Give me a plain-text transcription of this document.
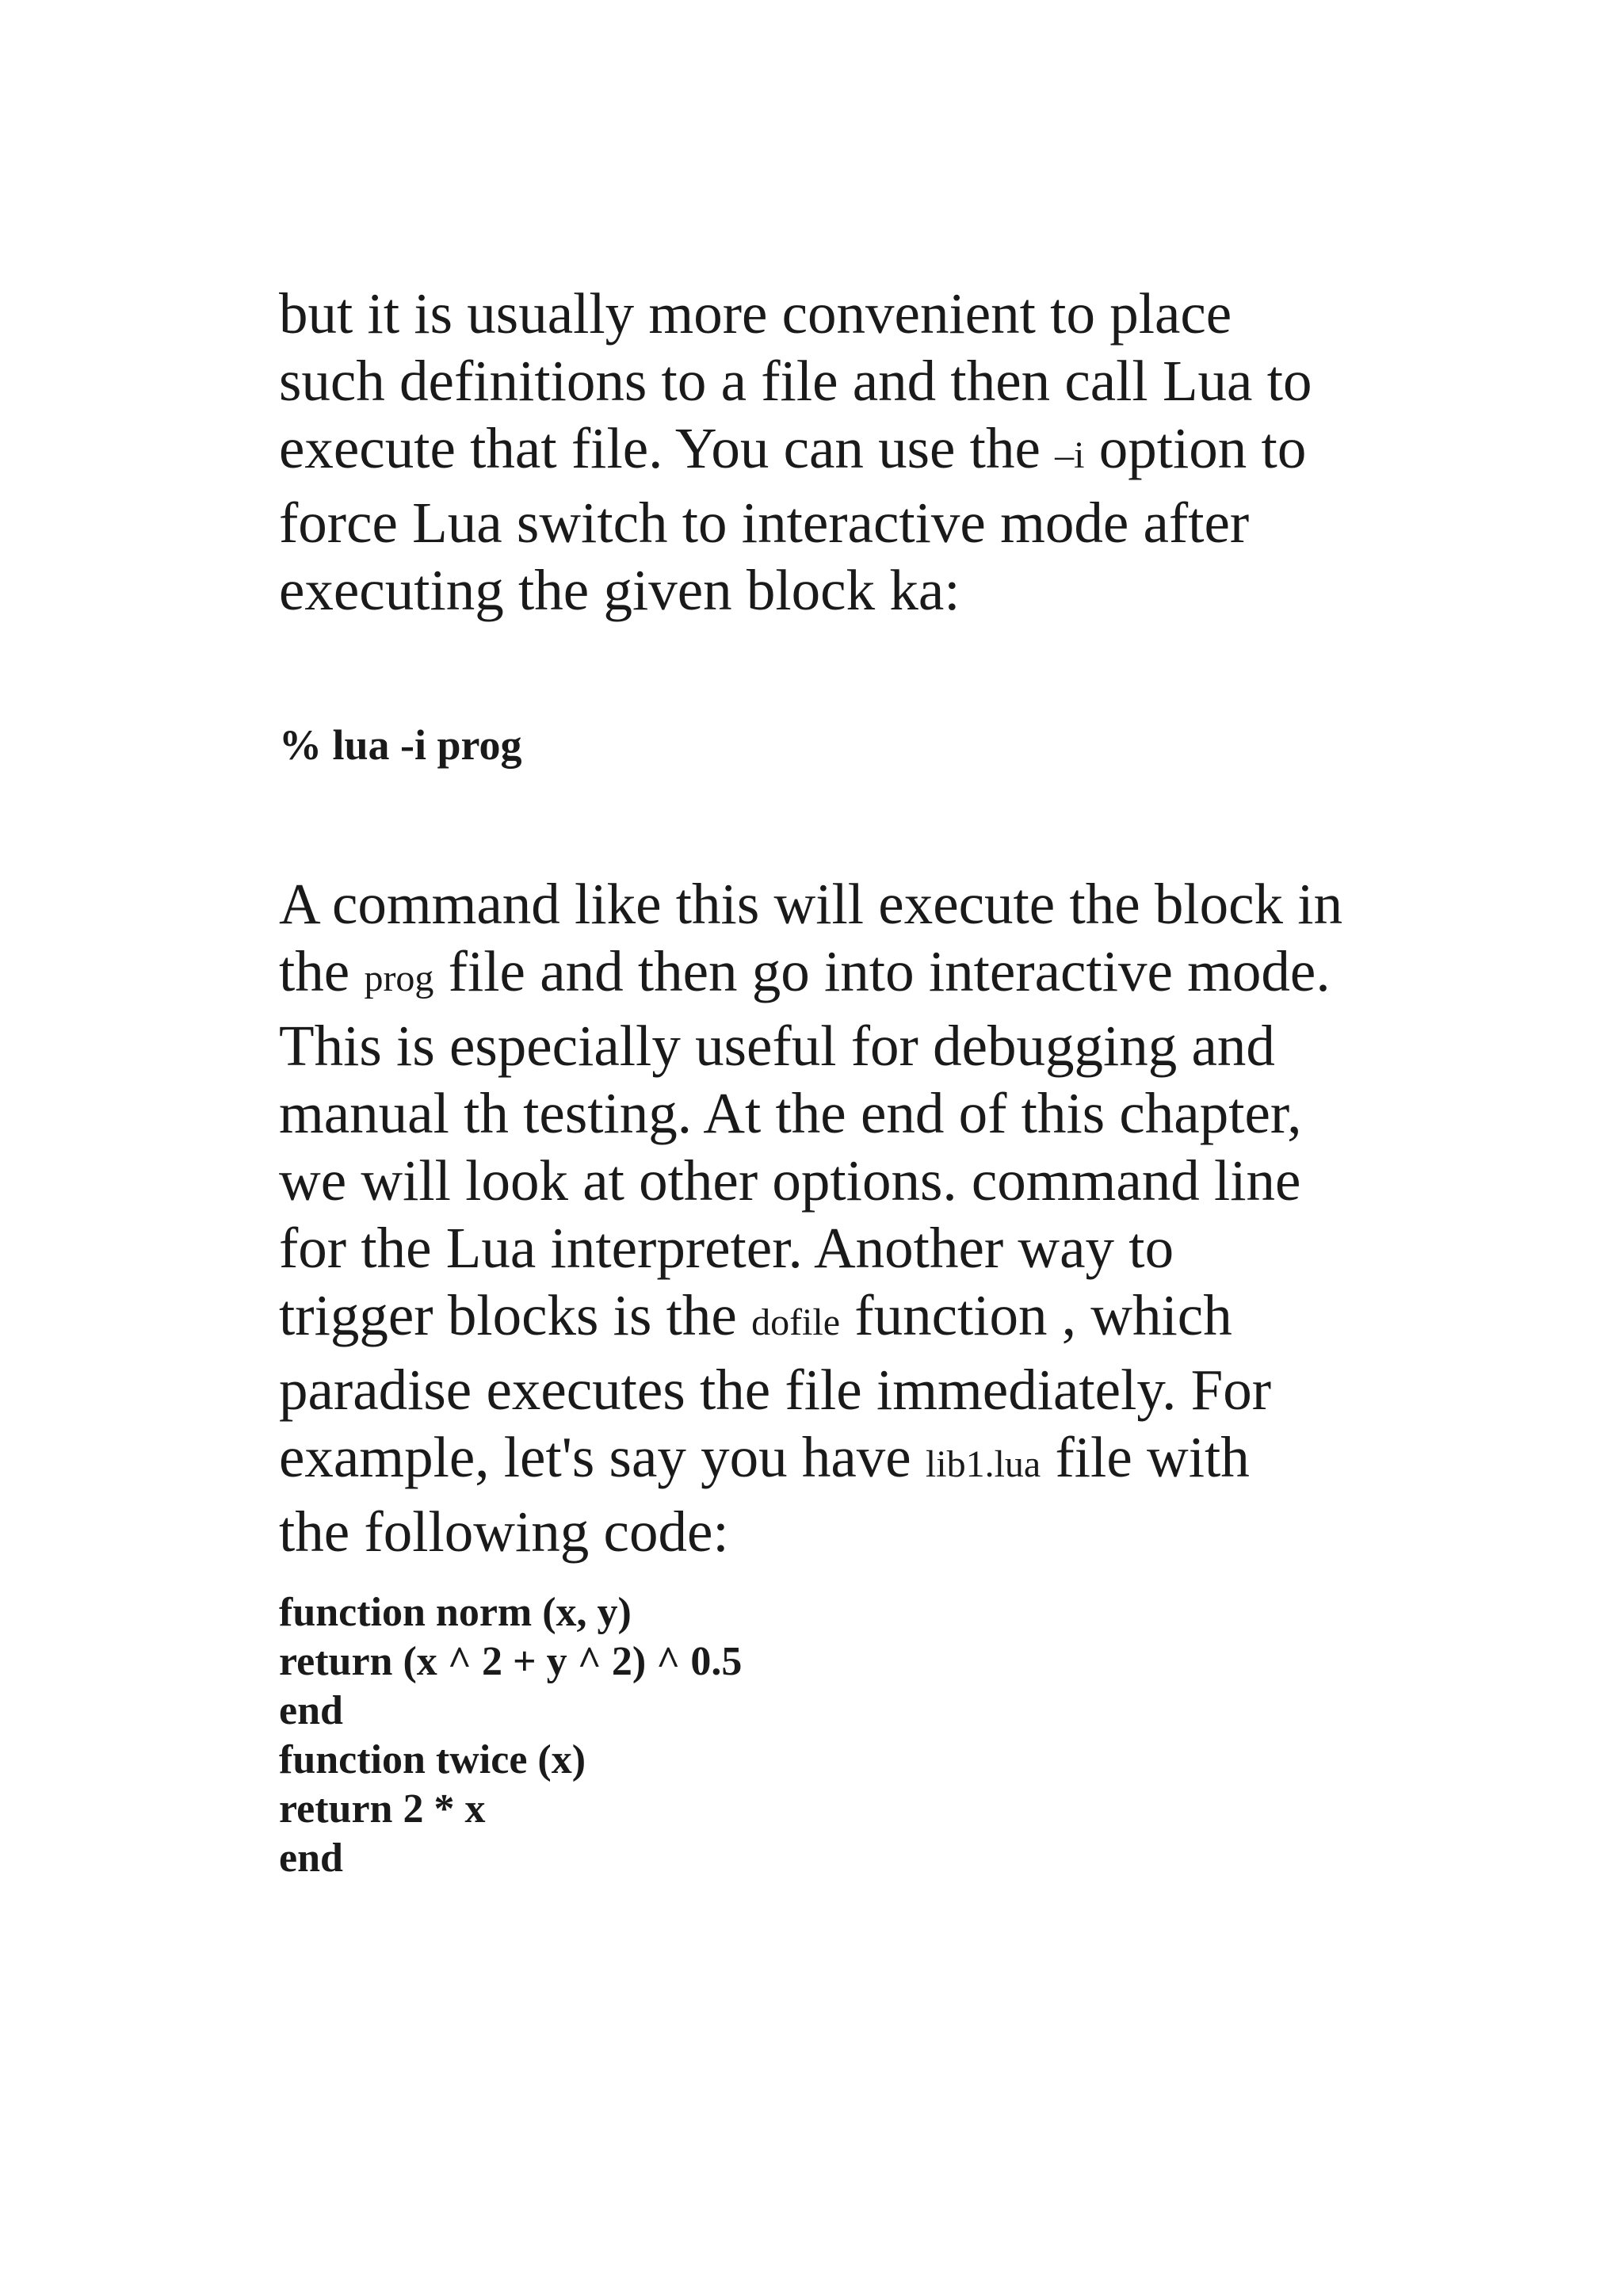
but it is usually more convenient to place
such definitions to a file and then call Lua to
execute that file. You can use the –i option to
force Lua switch to interactive mode after
executing the given block ka:

% lua -i prog

A command like this will execute the block in
the prog file and then go into interactive mode.
This is especially useful for debugging and
manual th testing. At the end of this chapter,
we will look at other options. command line
for the Lua interpreter. Another way to
trigger blocks is the dofile function , which
paradise executes the file immediately. For
example, let's say you have lib1.lua file with
the following code:

function norm (x, y)
return (x ^ 2 + y ^ 2) ^ 0.5
end
function twice (x)
return 2 * x
end
